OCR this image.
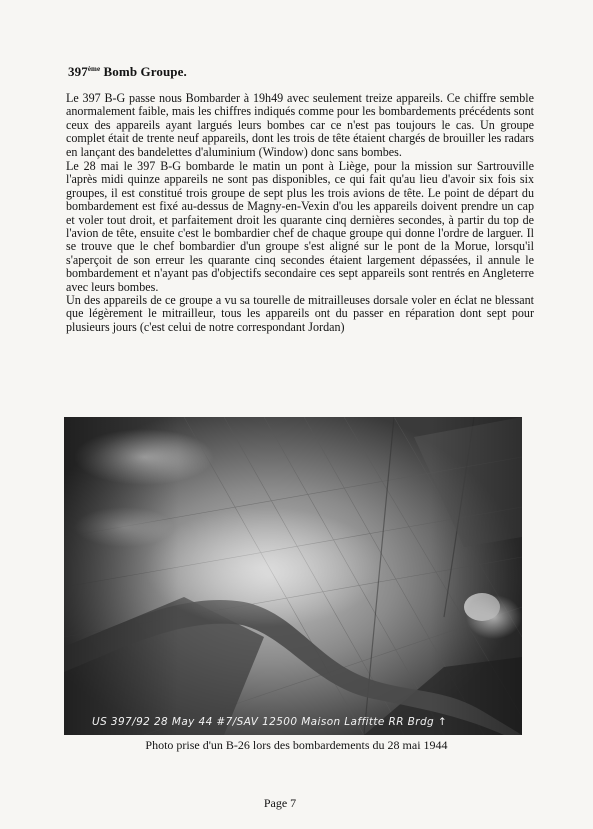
397ème Bomb Groupe.

Le 397 B-G passe nous Bombarder à 19h49 avec seulement treize appareils. Ce chiffre semble anormalement faible, mais les chiffres indiqués comme pour les bombardements précédents sont ceux des appareils ayant largués leurs bombes car ce n'est pas toujours le cas. Un groupe complet était de trente neuf appareils, dont les trois de tête étaient chargés de brouiller les radars en lançant des bandelettes d'aluminium (Window) donc sans bombes.

Le 28 mai le 397 B-G bombarde le matin un pont à Liège, pour la mission sur Sartrouville l'après midi quinze appareils ne sont pas disponibles, ce qui fait qu'au lieu d'avoir six fois six groupes, il est constitué trois groupe de sept plus les trois avions de tête. Le point de départ du bombardement est fixé au-dessus de Magny-en-Vexin d'ou les appareils doivent prendre un cap et voler tout droit, et parfaitement droit les quarante cinq dernières secondes, à partir du top de l'avion de tête, ensuite c'est le bombardier chef de chaque groupe qui donne l'ordre de larguer. Il se trouve que le chef bombardier d'un groupe s'est aligné sur le pont de la Morue, lorsqu'il s'aperçoit de son erreur les quarante cinq secondes étaient largement dépassées, il annule le bombardement et n'ayant pas d'objectifs secondaire ces sept appareils sont rentrés en Angleterre avec leurs bombes.
Un des appareils de ce groupe a vu sa tourelle de mitrailleuses dorsale voler en éclat ne blessant que légèrement le mitrailleur, tous les appareils ont du passer en réparation dont sept pour plusieurs jours (c'est celui de notre correspondant Jordan)
US 397/92 28 May 44 #7/SAV 12500 Maison Laffitte RR Brdg ↑
Photo prise d'un B-26 lors des bombardements du 28 mai 1944
Page 7
